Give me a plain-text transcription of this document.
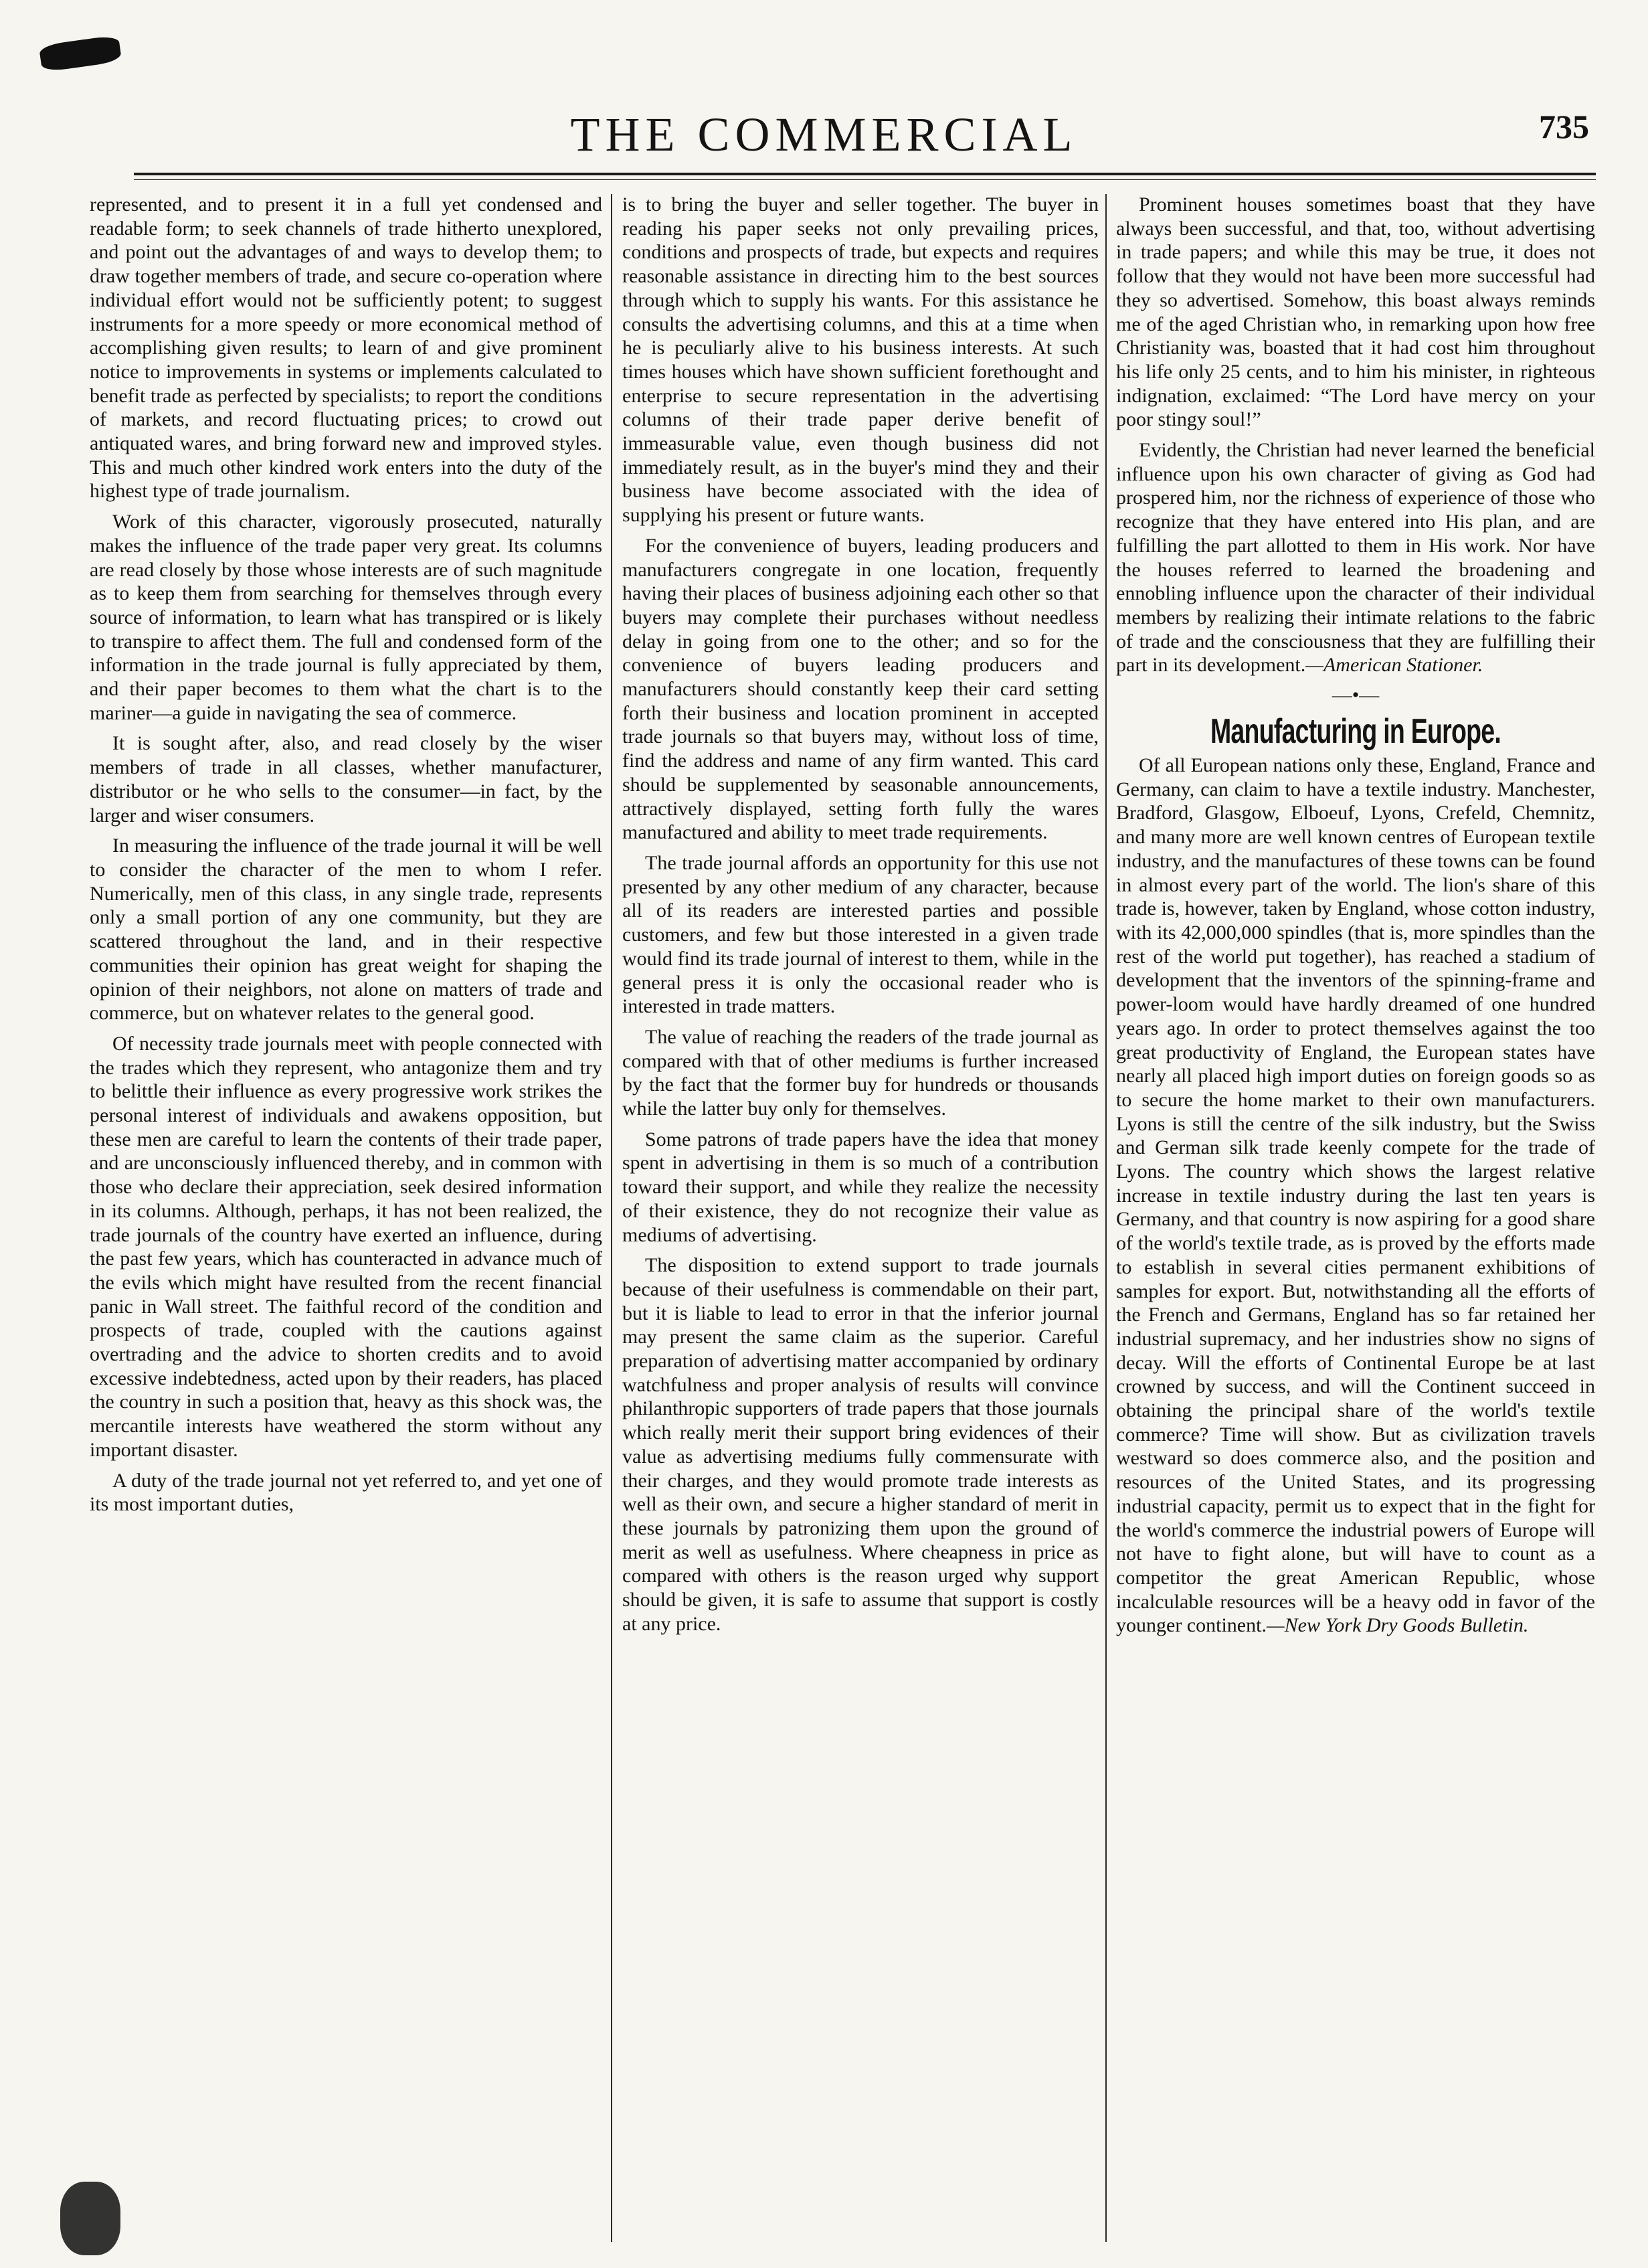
THE COMMERCIAL	735

represented, and to present it in a full yet condensed and readable form; to seek channels of trade hitherto unexplored, and point out the advantages of and ways to develop them; to draw together members of trade, and secure co-operation where individual effort would not be sufficiently potent; to suggest instruments for a more speedy or more economical method of accomplishing given results; to learn of and give prominent notice to improvements in systems or implements calculated to benefit trade as perfected by specialists; to report the conditions of markets, and record fluctuating prices; to crowd out antiquated wares, and bring forward new and improved styles. This and much other kindred work enters into the duty of the highest type of trade journalism.

Work of this character, vigorously prosecuted, naturally makes the influence of the trade paper very great. Its columns are read closely by those whose interests are of such magnitude as to keep them from searching for themselves through every source of information, to learn what has transpired or is likely to transpire to affect them. The full and condensed form of the information in the trade journal is fully appreciated by them, and their paper becomes to them what the chart is to the mariner—a guide in navigating the sea of commerce.

It is sought after, also, and read closely by the wiser members of trade in all classes, whether manufacturer, distributor or he who sells to the consumer—in fact, by the larger and wiser consumers.

In measuring the influence of the trade journal it will be well to consider the character of the men to whom I refer. Numerically, men of this class, in any single trade, represents only a small portion of any one community, but they are scattered throughout the land, and in their respective communities their opinion has great weight for shaping the opinion of their neighbors, not alone on matters of trade and commerce, but on whatever relates to the general good.

Of necessity trade journals meet with people connected with the trades which they represent, who antagonize them and try to belittle their influence as every progressive work strikes the personal interest of individuals and awakens opposition, but these men are careful to learn the contents of their trade paper, and are unconsciously influenced thereby, and in common with those who declare their appreciation, seek desired information in its columns. Although, perhaps, it has not been realized, the trade journals of the country have exerted an influence, during the past few years, which has counteracted in advance much of the evils which might have resulted from the recent financial panic in Wall street. The faithful record of the condition and prospects of trade, coupled with the cautions against overtrading and the advice to shorten credits and to avoid excessive indebtedness, acted upon by their readers, has placed the country in such a position that, heavy as this shock was, the mercantile interests have weathered the storm without any important disaster.

A duty of the trade journal not yet referred to, and yet one of its most important duties,

is to bring the buyer and seller together. The buyer in reading his paper seeks not only prevailing prices, conditions and prospects of trade, but expects and requires reasonable assistance in directing him to the best sources through which to supply his wants. For this assistance he consults the advertising columns, and this at a time when he is peculiarly alive to his business interests. At such times houses which have shown sufficient forethought and enterprise to secure representation in the advertising columns of their trade paper derive benefit of immeasurable value, even though business did not immediately result, as in the buyer's mind they and their business have become associated with the idea of supplying his present or future wants.

For the convenience of buyers, leading producers and manufacturers congregate in one location, frequently having their places of business adjoining each other so that buyers may complete their purchases without needless delay in going from one to the other; and so for the convenience of buyers leading producers and manufacturers should constantly keep their card setting forth their business and location prominent in accepted trade journals so that buyers may, without loss of time, find the address and name of any firm wanted. This card should be supplemented by seasonable announcements, attractively displayed, setting forth fully the wares manufactured and ability to meet trade requirements.

The trade journal affords an opportunity for this use not presented by any other medium of any character, because all of its readers are interested parties and possible customers, and few but those interested in a given trade would find its trade journal of interest to them, while in the general press it is only the occasional reader who is interested in trade matters.

The value of reaching the readers of the trade journal as compared with that of other mediums is further increased by the fact that the former buy for hundreds or thousands while the latter buy only for themselves.

Some patrons of trade papers have the idea that money spent in advertising in them is so much of a contribution toward their support, and while they realize the necessity of their existence, they do not recognize their value as mediums of advertising.

The disposition to extend support to trade journals because of their usefulness is commendable on their part, but it is liable to lead to error in that the inferior journal may present the same claim as the superior. Careful preparation of advertising matter accompanied by ordinary watchfulness and proper analysis of results will convince philanthropic supporters of trade papers that those journals which really merit their support bring evidences of their value as advertising mediums fully commensurate with their charges, and they would promote trade interests as well as their own, and secure a higher standard of merit in these journals by patronizing them upon the ground of merit as well as usefulness. Where cheapness in price as compared with others is the reason urged why support should be given, it is safe to assume that support is costly at any price.

Prominent houses sometimes boast that they have always been successful, and that, too, without advertising in trade papers; and while this may be true, it does not follow that they would not have been more successful had they so advertised. Somehow, this boast always reminds me of the aged Christian who, in remarking upon how free Christianity was, boasted that it had cost him throughout his life only 25 cents, and to him his minister, in righteous indignation, exclaimed: “The Lord have mercy on your poor stingy soul!”

Evidently, the Christian had never learned the beneficial influence upon his own character of giving as God had prospered him, nor the richness of experience of those who recognize that they have entered into His plan, and are fulfilling the part allotted to them in His work. Nor have the houses referred to learned the broadening and ennobling influence upon the character of their individual members by realizing their intimate relations to the fabric of trade and the consciousness that they are fulfilling their part in its development.—American Stationer.

—•—
Manufacturing in Europe.

Of all European nations only these, England, France and Germany, can claim to have a textile industry. Manchester, Bradford, Glasgow, Elboeuf, Lyons, Crefeld, Chemnitz, and many more are well known centres of European textile industry, and the manufactures of these towns can be found in almost every part of the world. The lion's share of this trade is, however, taken by England, whose cotton industry, with its 42,000,000 spindles (that is, more spindles than the rest of the world put together), has reached a stadium of development that the inventors of the spinning-frame and power-loom would have hardly dreamed of one hundred years ago. In order to protect themselves against the too great productivity of England, the European states have nearly all placed high import duties on foreign goods so as to secure the home market to their own manufacturers. Lyons is still the centre of the silk industry, but the Swiss and German silk trade keenly compete for the trade of Lyons. The country which shows the largest relative increase in textile industry during the last ten years is Germany, and that country is now aspiring for a good share of the world's textile trade, as is proved by the efforts made to establish in several cities permanent exhibitions of samples for export. But, notwithstanding all the efforts of the French and Germans, England has so far retained her industrial supremacy, and her industries show no signs of decay. Will the efforts of Continental Europe be at last crowned by success, and will the Continent succeed in obtaining the principal share of the world's textile commerce? Time will show. But as civilization travels westward so does commerce also, and the position and resources of the United States, and its progressing industrial capacity, permit us to expect that in the fight for the world's commerce the industrial powers of Europe will not have to fight alone, but will have to count as a competitor the great American Republic, whose incalculable resources will be a heavy odd in favor of the younger continent.—New York Dry Goods Bulletin.
